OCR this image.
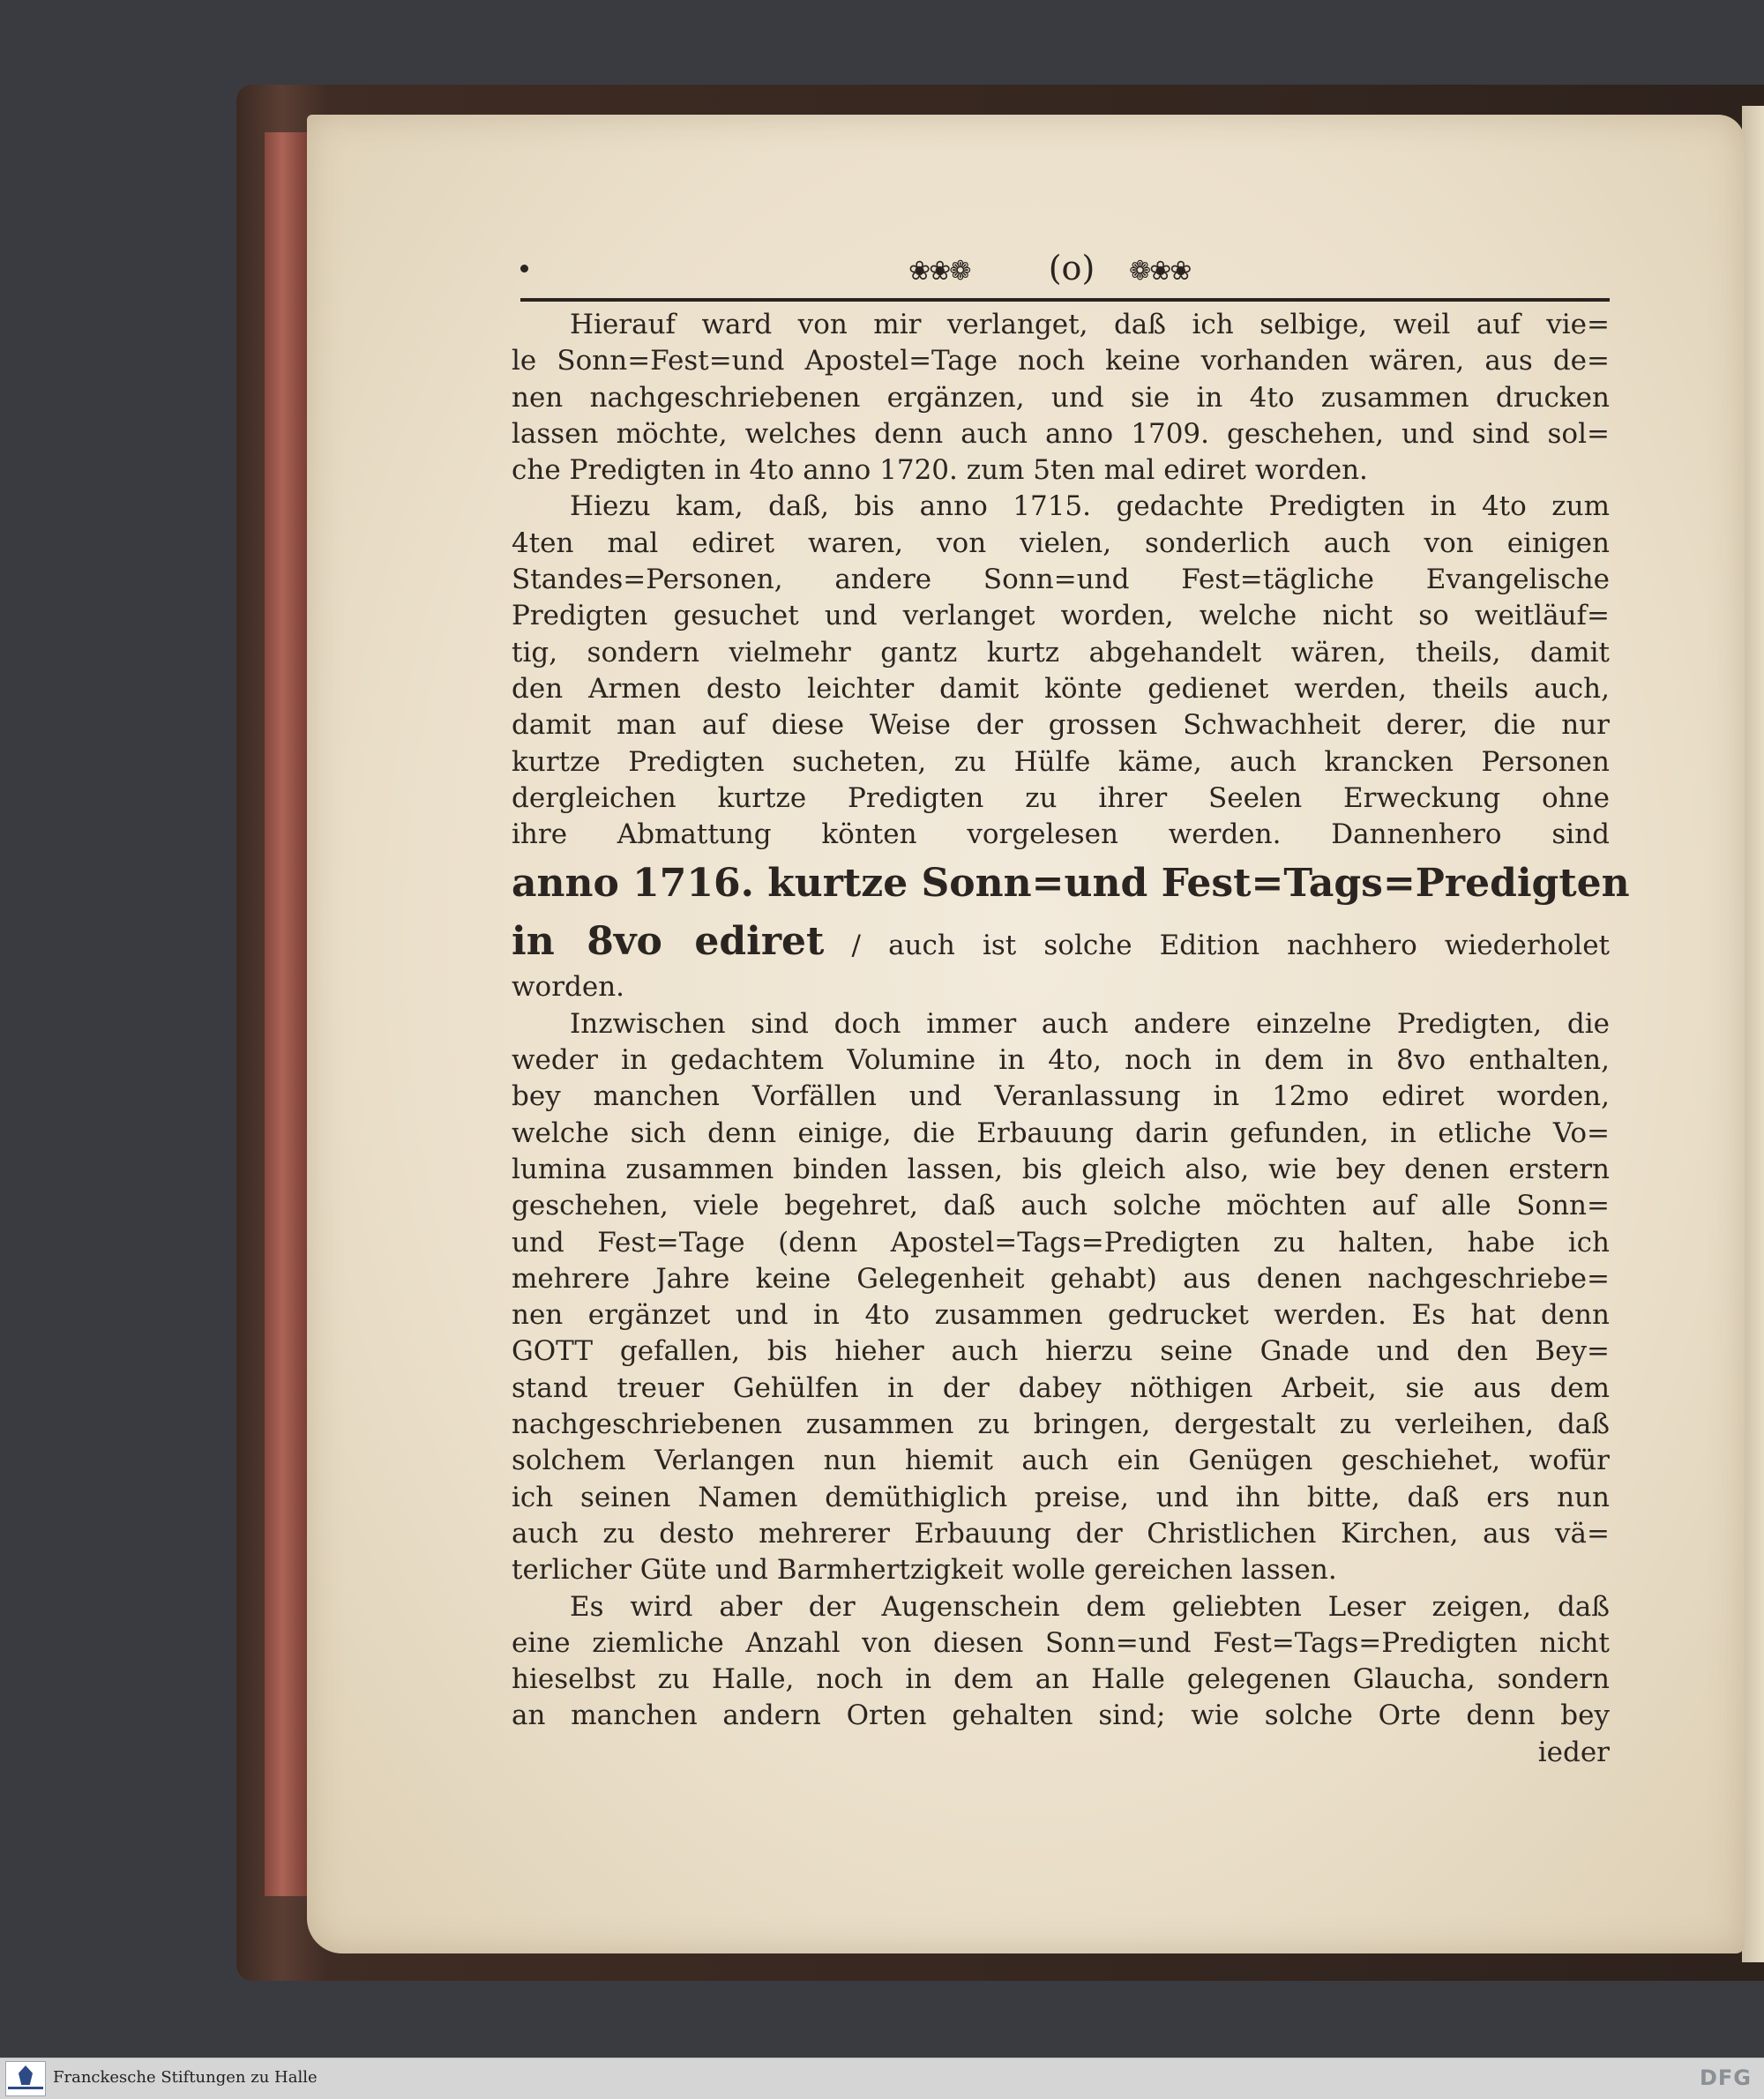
❀❀❁	(o)	❁❀❀
Hierauf ward von mir verlanget, daß ich selbige, weil auf vie=
le Sonn=Fest=und Apostel=Tage noch keine vorhanden wären, aus de=
nen nachgeschriebenen ergänzen, und sie in 4to zusammen drucken
lassen möchte, welches denn auch anno 1709. geschehen, und sind sol=
che Predigten in 4to anno 1720. zum 5ten mal ediret worden.
Hiezu kam, daß, bis anno 1715. gedachte Predigten in 4to zum
4ten mal ediret waren, von vielen, sonderlich auch von einigen
Standes=Personen, andere Sonn=und Fest=tägliche Evangelische
Predigten gesuchet und verlanget worden, welche nicht so weitläuf=
tig, sondern vielmehr gantz kurtz abgehandelt wären, theils, damit
den Armen desto leichter damit könte gedienet werden, theils auch,
damit man auf diese Weise der grossen Schwachheit derer, die nur
kurtze Predigten sucheten, zu Hülfe käme, auch krancken Personen
dergleichen kurtze Predigten zu ihrer Seelen Erweckung ohne
ihre Abmattung könten vorgelesen werden. Dannenhero sind
anno 1716. kurtze Sonn=und Fest=Tags=Predigten
in 8vo ediret / auch ist solche Edition nachhero wiederholet
worden.
Inzwischen sind doch immer auch andere einzelne Predigten, die
weder in gedachtem Volumine in 4to, noch in dem in 8vo enthalten,
bey manchen Vorfällen und Veranlassung in 12mo ediret worden,
welche sich denn einige, die Erbauung darin gefunden, in etliche Vo=
lumina zusammen binden lassen, bis gleich also, wie bey denen erstern
geschehen, viele begehret, daß auch solche möchten auf alle Sonn=
und Fest=Tage (denn Apostel=Tags=Predigten zu halten, habe ich
mehrere Jahre keine Gelegenheit gehabt) aus denen nachgeschriebe=
nen ergänzet und in 4to zusammen gedrucket werden. Es hat denn
GOTT gefallen, bis hieher auch hierzu seine Gnade und den Bey=
stand treuer Gehülfen in der dabey nöthigen Arbeit, sie aus dem
nachgeschriebenen zusammen zu bringen, dergestalt zu verleihen, daß
solchem Verlangen nun hiemit auch ein Genügen geschiehet, wofür
ich seinen Namen demüthiglich preise, und ihn bitte, daß ers nun
auch zu desto mehrerer Erbauung der Christlichen Kirchen, aus vä=
terlicher Güte und Barmhertzigkeit wolle gereichen lassen.
Es wird aber der Augenschein dem geliebten Leser zeigen, daß
eine ziemliche Anzahl von diesen Sonn=und Fest=Tags=Predigten nicht
hieselbst zu Halle, noch in dem an Halle gelegenen Glaucha, sondern
an manchen andern Orten gehalten sind; wie solche Orte denn bey
ieder
Franckesche Stiftungen zu Halle	DFG
